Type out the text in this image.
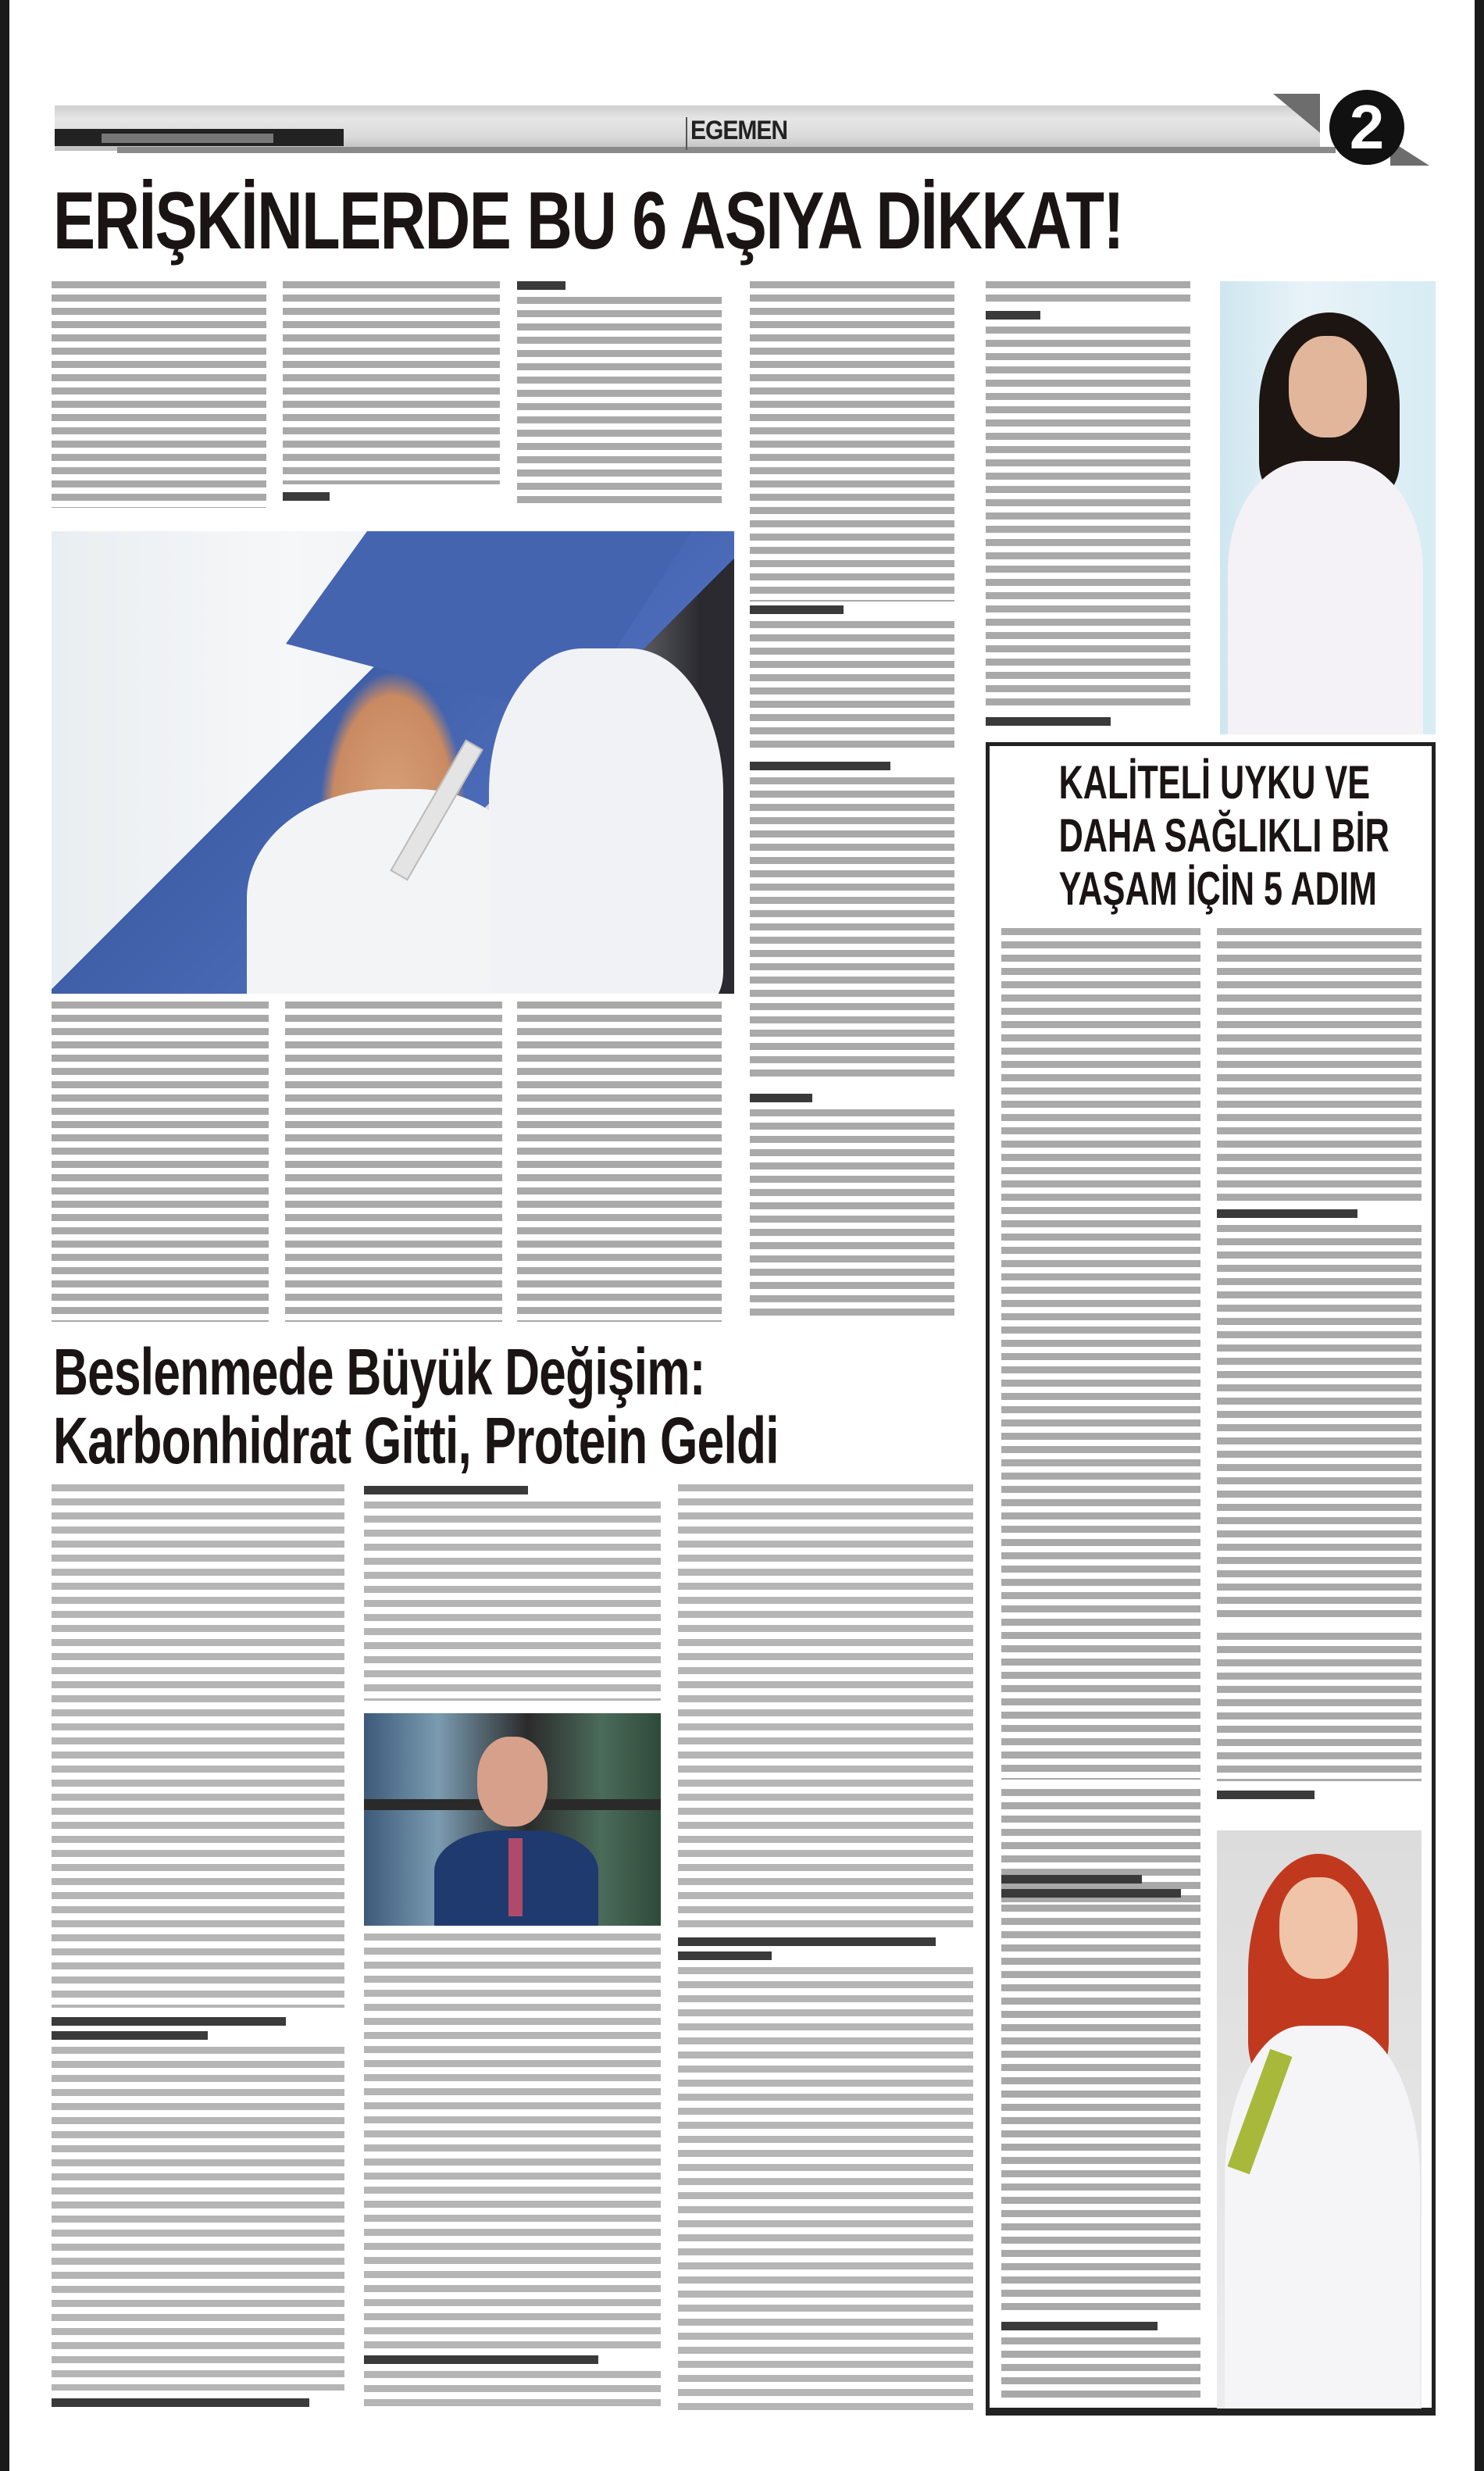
EGEMEN	2
ERİŞKİNLERDE BU 6 AŞIYA DİKKAT!
Beslenmede Büyük Değişim:
Karbonhidrat Gitti, Protein Geldi
KALİTELİ UYKU VE
DAHA SAĞLIKLI BİR
YAŞAM İÇİN 5 ADIM
